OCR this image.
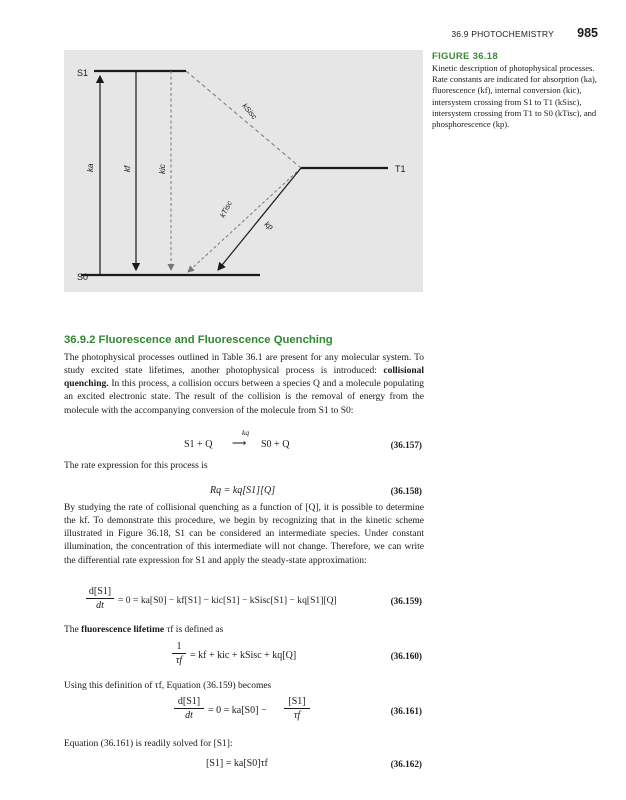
36.9 PHOTOCHEMISTRY 985
S1
S0
T1
ka	kf	kic
kSisc
kTisc
kp
FIGURE 36.18
Kinetic description of photophysical processes. Rate constants are indicated for absorption (ka), fluorescence (kf), internal conversion (kic), intersystem crossing from S1 to T1 (kSisc), intersystem crossing from T1 to S0 (kTisc), and phosphorescence (kp).
36.9.2 Fluorescence and Fluorescence Quenching
The photophysical processes outlined in Table 36.1 are present for any molecular system. To study excited state lifetimes, another photophysical process is introduced: collisional quenching. In this process, a collision occurs between a species Q and a molecule populating an excited electronic state. The result of the collision is the removal of energy from the molecule with the accompanying conversion of the molecule from S1 to S0:
S1 + Q
kq
⟶ S0 + Q	(36.157)
The rate expression for this process is
Rq = kq[S1][Q]	(36.158)
By studying the rate of collisional quenching as a function of [Q], it is possible to determine the kf. To demonstrate this procedure, we begin by recognizing that in the kinetic scheme illustrated in Figure 36.18, S1 can be considered an intermediate species. Under constant illumination, the concentration of this intermediate will not change. Therefore, we can write the differential rate expression for S1 and apply the steady-state approximation:
d[S1]
dt	= 0 = ka[S0] − kf[S1] − kic[S1] − kSisc[S1] − kq[S1][Q]	(36.159)
The fluorescence lifetime τf is defined as
1
τf = kf + kic + kSisc + kq[Q]	(36.160)
Using this definition of τf, Equation (36.159) becomes
d[S1]
dt	= 0 = ka[S0] −
[S1]
τf	(36.161)
Equation (36.161) is readily solved for [S1]:
[S1] = ka[S0]τf	(36.162)
